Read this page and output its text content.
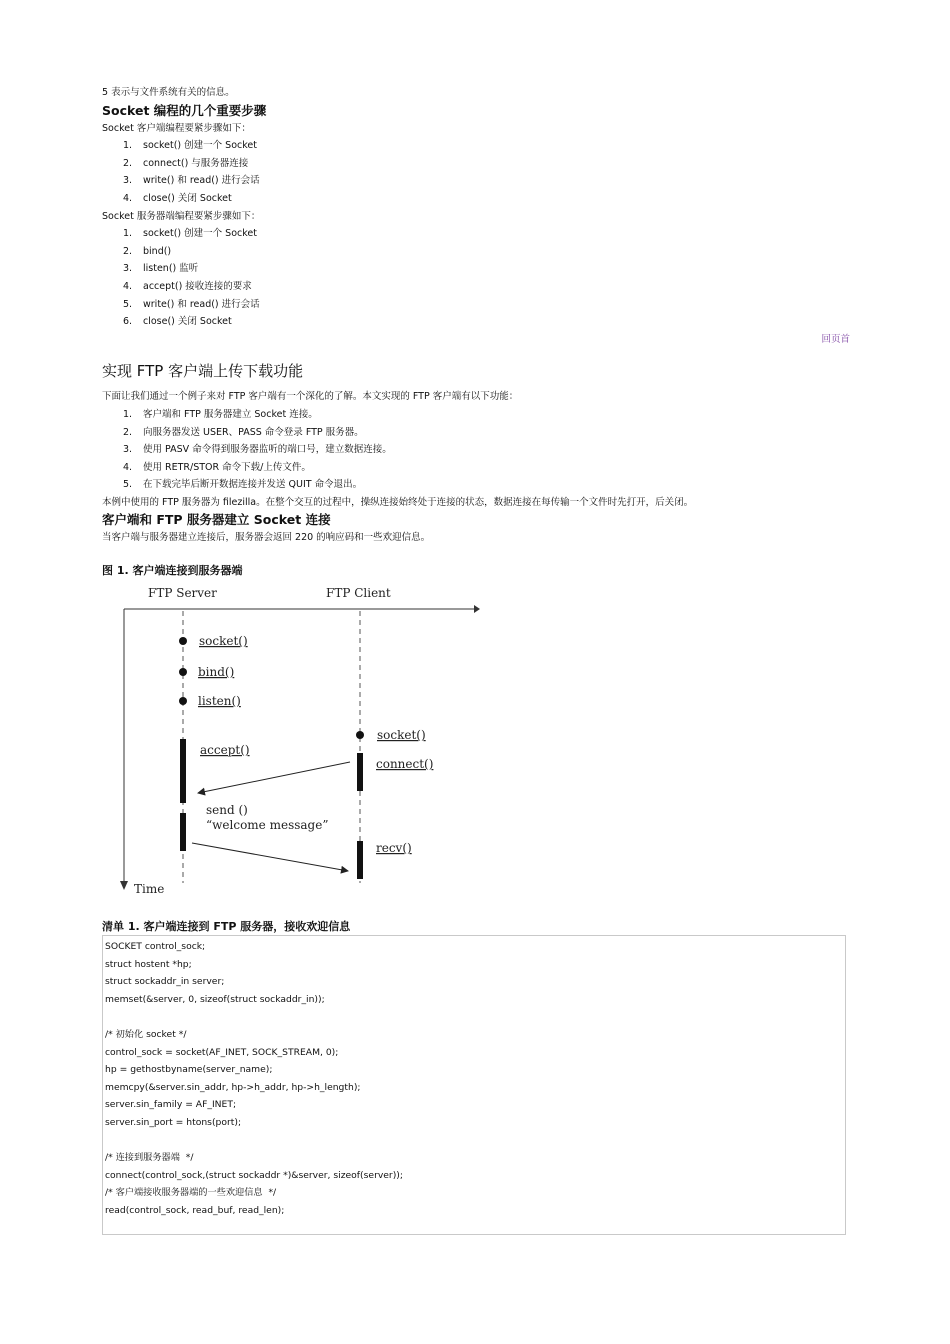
5 表示与文件系统有关的信息。
Socket 编程的几个重要步骤
Socket 客户端编程要紧步骤如下：
1. socket() 创建一个 Socket
2. connect() 与服务器连接
3. write() 和 read() 进行会话
4. close() 关闭 Socket
Socket 服务器端编程要紧步骤如下：
1. socket() 创建一个 Socket
2. bind()
3. listen() 监听
4. accept() 接收连接的要求
5. write() 和 read() 进行会话
6. close() 关闭 Socket
回页首
实现 FTP 客户端上传下载功能
下面让我们通过一个例子来对 FTP 客户端有一个深化的了解。本文实现的 FTP 客户端有以下功能：
1. 客户端和 FTP 服务器建立 Socket 连接。
2. 向服务器发送 USER、PASS 命令登录 FTP 服务器。
3. 使用 PASV 命令得到服务器监听的端口号，建立数据连接。
4. 使用 RETR/STOR 命令下载/上传文件。
5. 在下载完毕后断开数据连接并发送 QUIT 命令退出。
本例中使用的 FTP 服务器为 filezilla。在整个交互的过程中，操纵连接始终处于连接的状态，数据连接在每传输一个文件时先打开，后关闭。
客户端和 FTP 服务器建立 Socket 连接
当客户端与服务器建立连接后，服务器会返回 220 的响应码和一些欢迎信息。
图 1. 客户端连接到服务器端
FTP Server	FTP Client
Time
socket()
bind()
listen()
accept()
socket()
connect()
send ()
“welcome message”
recv()
清单 1. 客户端连接到 FTP 服务器，接收欢迎信息
SOCKET control_sock;
struct hostent *hp;
struct sockaddr_in server;
memset(&server, 0, sizeof(struct sockaddr_in));
/* 初始化 socket */
control_sock = socket(AF_INET, SOCK_STREAM, 0);
hp = gethostbyname(server_name);
memcpy(&server.sin_addr, hp->h_addr, hp->h_length);
server.sin_family = AF_INET;
server.sin_port = htons(port);
/* 连接到服务器端  */
connect(control_sock,(struct sockaddr *)&server, sizeof(server));
/* 客户端接收服务器端的一些欢迎信息  */
read(control_sock, read_buf, read_len);
